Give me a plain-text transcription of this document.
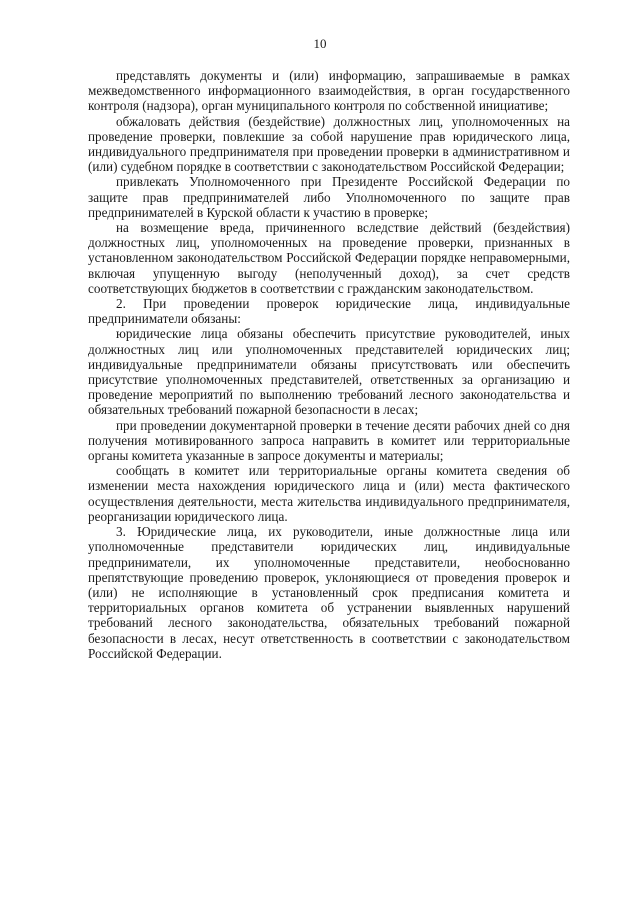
10

представлять документы и (или) информацию, запрашиваемые в рамках межведомственного информационного взаимодействия, в орган государственного контроля (надзора), орган муниципального контроля по собственной инициативе;

обжаловать действия (бездействие) должностных лиц, уполномоченных на проведение проверки, повлекшие за собой нарушение прав юридического лица, индивидуального предпринимателя при проведении проверки в административном и (или) судебном порядке в соответствии с законодательством Российской Федерации;

привлекать Уполномоченного при Президенте Российской Федерации по защите прав предпринимателей либо Уполномоченного по защите прав предпринимателей в Курской области к участию в проверке;

на возмещение вреда, причиненного вследствие действий (бездействия) должностных лиц, уполномоченных на проведение проверки, признанных в установленном законодательством Российской Федерации порядке неправомерными, включая упущенную выгоду (неполученный доход), за счет средств соответствующих бюджетов в соответствии с гражданским законодательством.

2. При проведении проверок юридические лица, индивидуальные предприниматели обязаны:

юридические лица обязаны обеспечить присутствие руководителей, иных должностных лиц или уполномоченных представителей юридических лиц; индивидуальные предприниматели обязаны присутствовать или обеспечить присутствие уполномоченных представителей, ответственных за организацию и проведение мероприятий по выполнению требований лесного законодательства и обязательных требований пожарной безопасности в лесах;

при проведении документарной проверки в течение десяти рабочих дней со дня получения мотивированного запроса направить в комитет или территориальные органы комитета указанные в запросе документы и материалы;

сообщать в комитет или территориальные органы комитета сведения об изменении места нахождения юридического лица и (или) места фактического осуществления деятельности, места жительства индивидуального предпринимателя, реорганизации юридического лица.

3. Юридические лица, их руководители, иные должностные лица или уполномоченные представители юридических лиц, индивидуальные предприниматели, их уполномоченные представители, необоснованно препятствующие проведению проверок, уклоняющиеся от проведения проверок и (или) не исполняющие в установленный срок предписания комитета и территориальных органов комитета об устранении выявленных нарушений требований лесного законодательства, обязательных требований пожарной безопасности в лесах, несут ответственность в соответствии с законодательством Российской Федерации.
